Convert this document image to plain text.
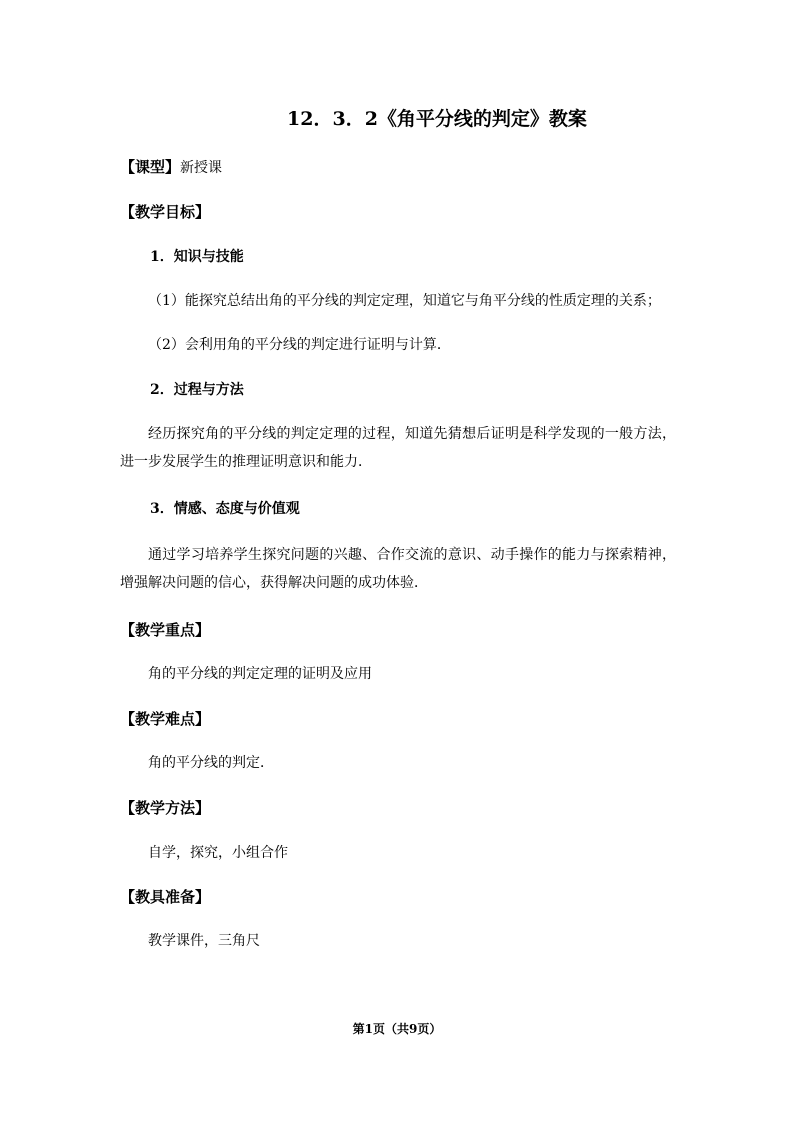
12．3．2《角平分线的判定》教案
【课型】新授课
【教学目标】
1．知识与技能
（1）能探究总结出角的平分线的判定定理，知道它与角平分线的性质定理的关系；
（2）会利用角的平分线的判定进行证明与计算．
2．过程与方法
经历探究角的平分线的判定定理的过程，知道先猜想后证明是科学发现的一般方法，进一步发展学生的推理证明意识和能力．
3．情感、态度与价值观
通过学习培养学生探究问题的兴趣、合作交流的意识、动手操作的能力与探索精神，增强解决问题的信心，获得解决问题的成功体验．
【教学重点】
角的平分线的判定定理的证明及应用
【教学难点】
角的平分线的判定．
【教学方法】
自学，探究，小组合作
【教具准备】
教学课件，三角尺
第1页（共9页）
